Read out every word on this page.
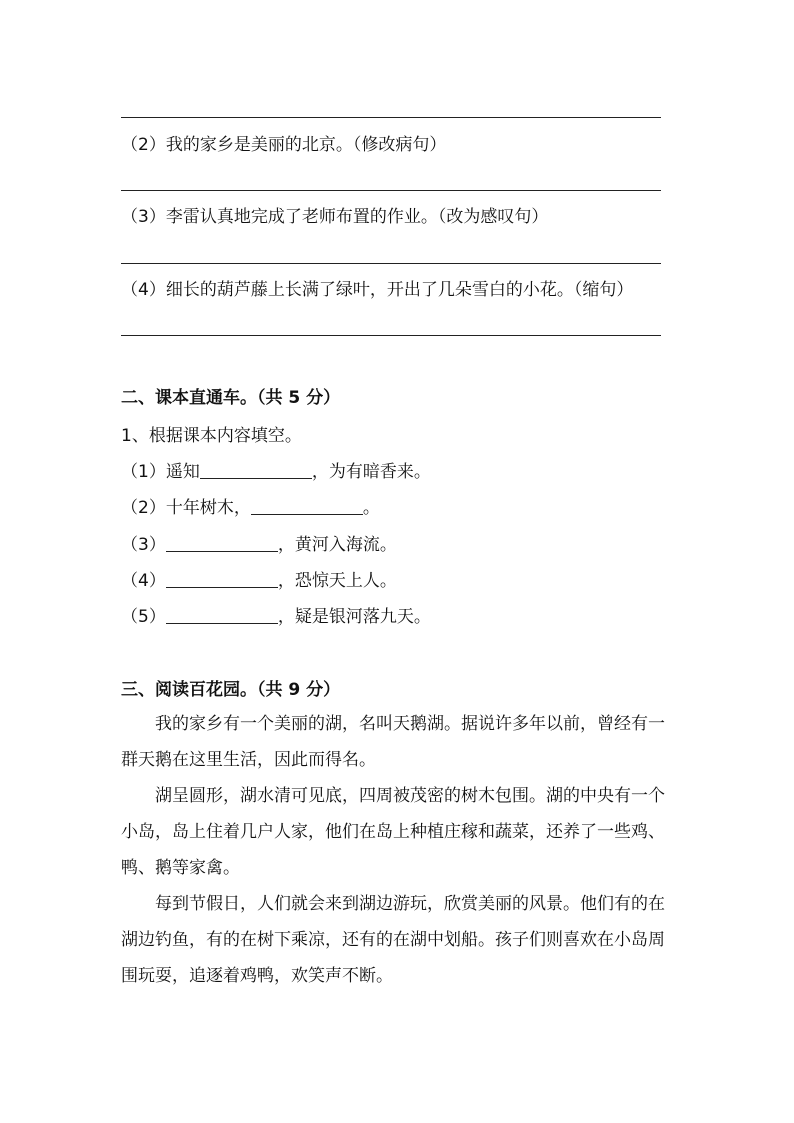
（2）我的家乡是美丽的北京。（修改病句）
（3）李雷认真地完成了老师布置的作业。（改为感叹句）
（4）细长的葫芦藤上长满了绿叶，开出了几朵雪白的小花。（缩句）
二、课本直通车。（共 5 分）
1、根据课本内容填空。
（1）遥知	，为有暗香来。
（2）十年树木，	。
（3）	，黄河入海流。
（4）	，恐惊天上人。
（5）	，疑是银河落九天。
三、阅读百花园。（共 9 分）

我的家乡有一个美丽的湖，名叫天鹅湖。据说许多年以前，曾经有一群天鹅在这里生活，因此而得名。

湖呈圆形，湖水清可见底，四周被茂密的树木包围。湖的中央有一个小岛，岛上住着几户人家，他们在岛上种植庄稼和蔬菜，还养了一些鸡、鸭、鹅等家禽。

每到节假日，人们就会来到湖边游玩，欣赏美丽的风景。他们有的在湖边钓鱼，有的在树下乘凉，还有的在湖中划船。孩子们则喜欢在小岛周围玩耍，追逐着鸡鸭，欢笑声不断。
